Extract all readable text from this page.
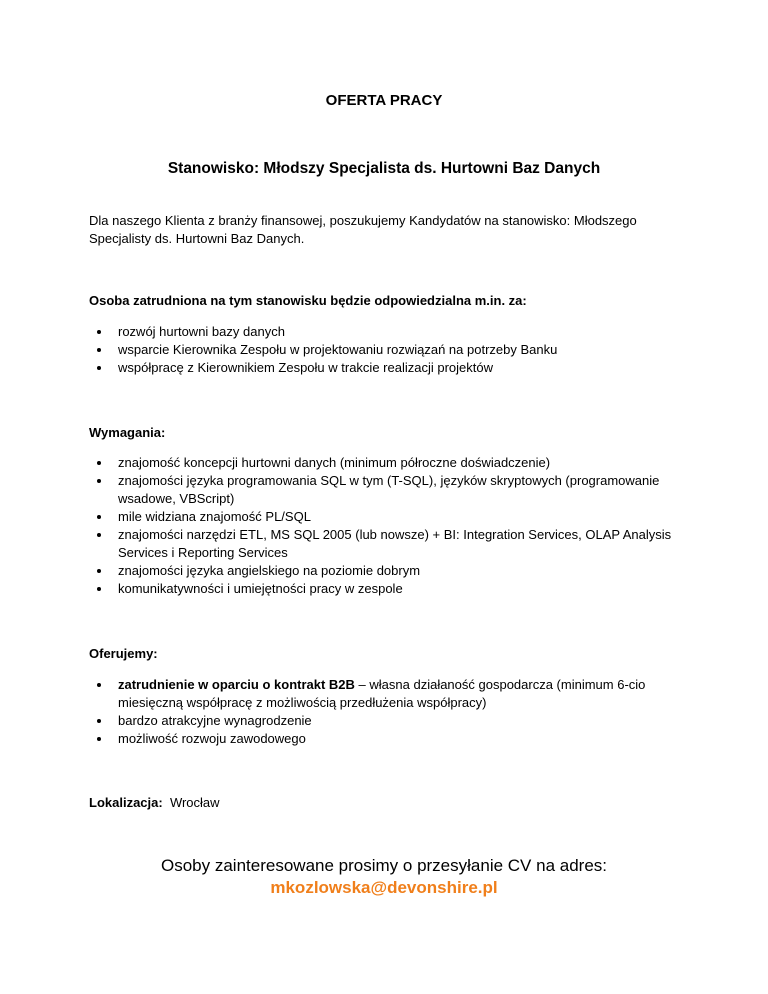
OFERTA PRACY
Stanowisko: Młodszy Specjalista ds. Hurtowni Baz Danych
Dla naszego Klienta z branży finansowej, poszukujemy Kandydatów na stanowisko: Młodszego Specjalisty ds. Hurtowni Baz Danych.
Osoba zatrudniona na tym stanowisku będzie odpowiedzialna m.in. za:
rozwój hurtowni bazy danych
wsparcie Kierownika Zespołu w projektowaniu rozwiązań na potrzeby Banku
współpracę z Kierownikiem Zespołu w trakcie realizacji projektów
Wymagania:
znajomość koncepcji hurtowni danych (minimum półroczne doświadczenie)
znajomości języka programowania SQL w tym (T-SQL), języków skryptowych (programowanie wsadowe, VBScript)
mile widziana znajomość PL/SQL
znajomości narzędzi ETL, MS SQL 2005 (lub nowsze) + BI: Integration Services, OLAP Analysis Services i Reporting Services
znajomości języka angielskiego na poziomie dobrym
komunikatywności i umiejętności pracy w zespole
Oferujemy:
zatrudnienie w oparciu o kontrakt B2B – własna działaność gospodarcza (minimum 6-cio miesięczną współpracę z możliwością przedłużenia współpracy)
bardzo atrakcyjne wynagrodzenie
możliwość rozwoju zawodowego
Lokalizacja: Wrocław
Osoby zainteresowane prosimy o przesyłanie CV na adres:
mkozlowska@devonshire.pl
